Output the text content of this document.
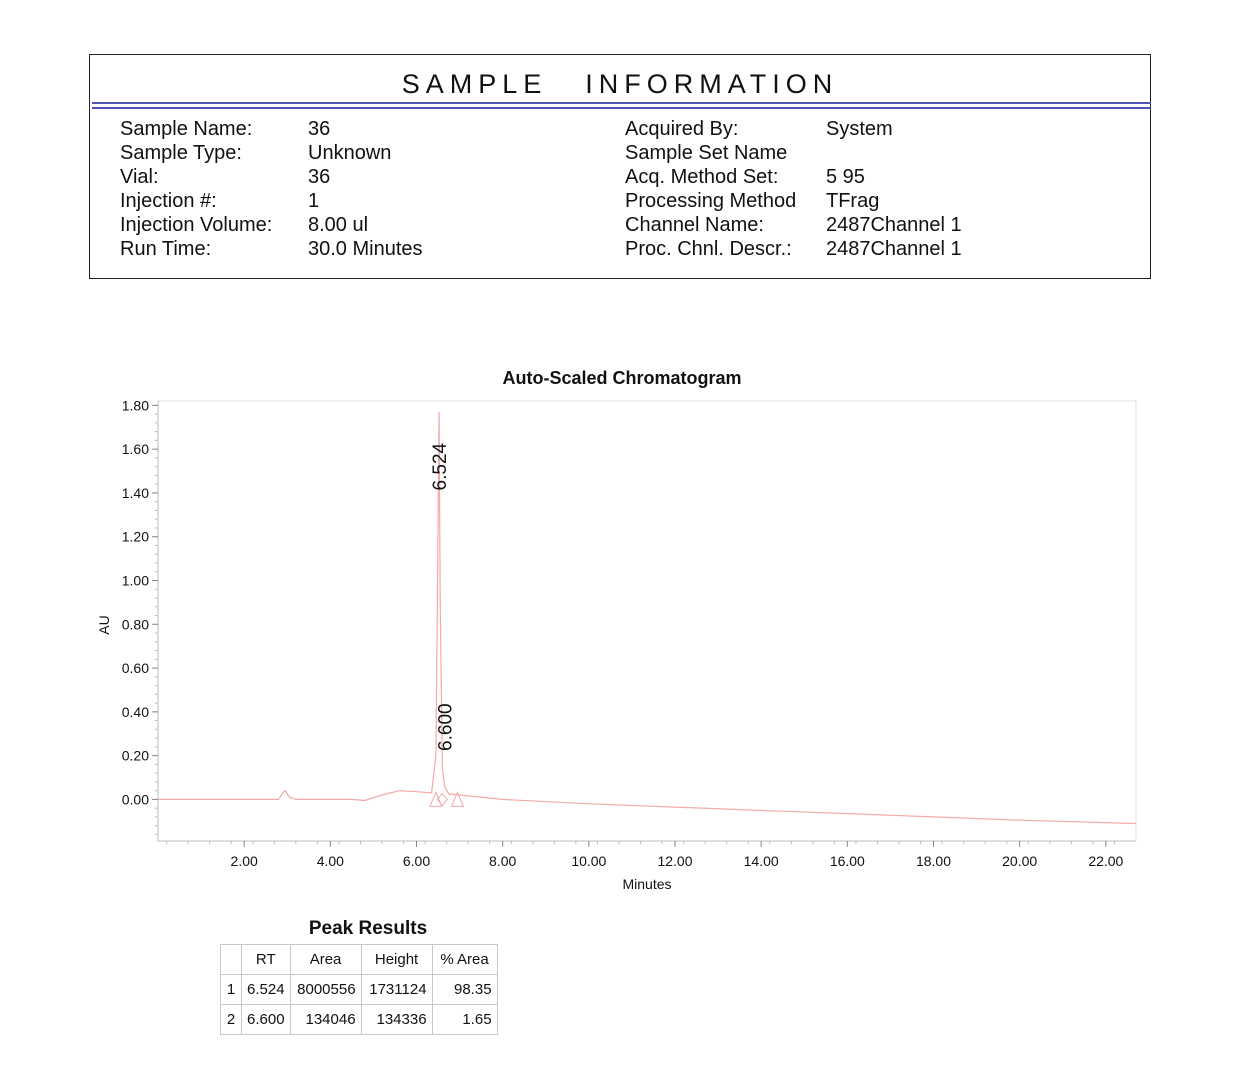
SAMPLE INFORMATION
Sample Name:	36
Sample Type:	Unknown
Vial:	36
Injection #:	1
Injection Volume: 8.00 ul
Run Time:	30.0 Minutes
Acquired By:	System
Sample Set Name
Acq. Method Set: 5 95
Processing Method TFrag
Channel Name:	2487Channel 1
Proc. Chnl. Descr.: 2487Channel 1
Auto-Scaled Chromatogram
2.00	4.00	6.00	8.00	10.00	12.00	14.00	16.00	18.00	20.00	22.00
0.00
0.20
0.40
0.60
0.80
1.00
1.20
1.40
1.60
1.80
Minutes
AU
6.524
6.600
Peak Results
	RT	Area	Height	% Area
1	6.524	8000556	1731124	98.35
2	6.600	134046	134336	1.65
